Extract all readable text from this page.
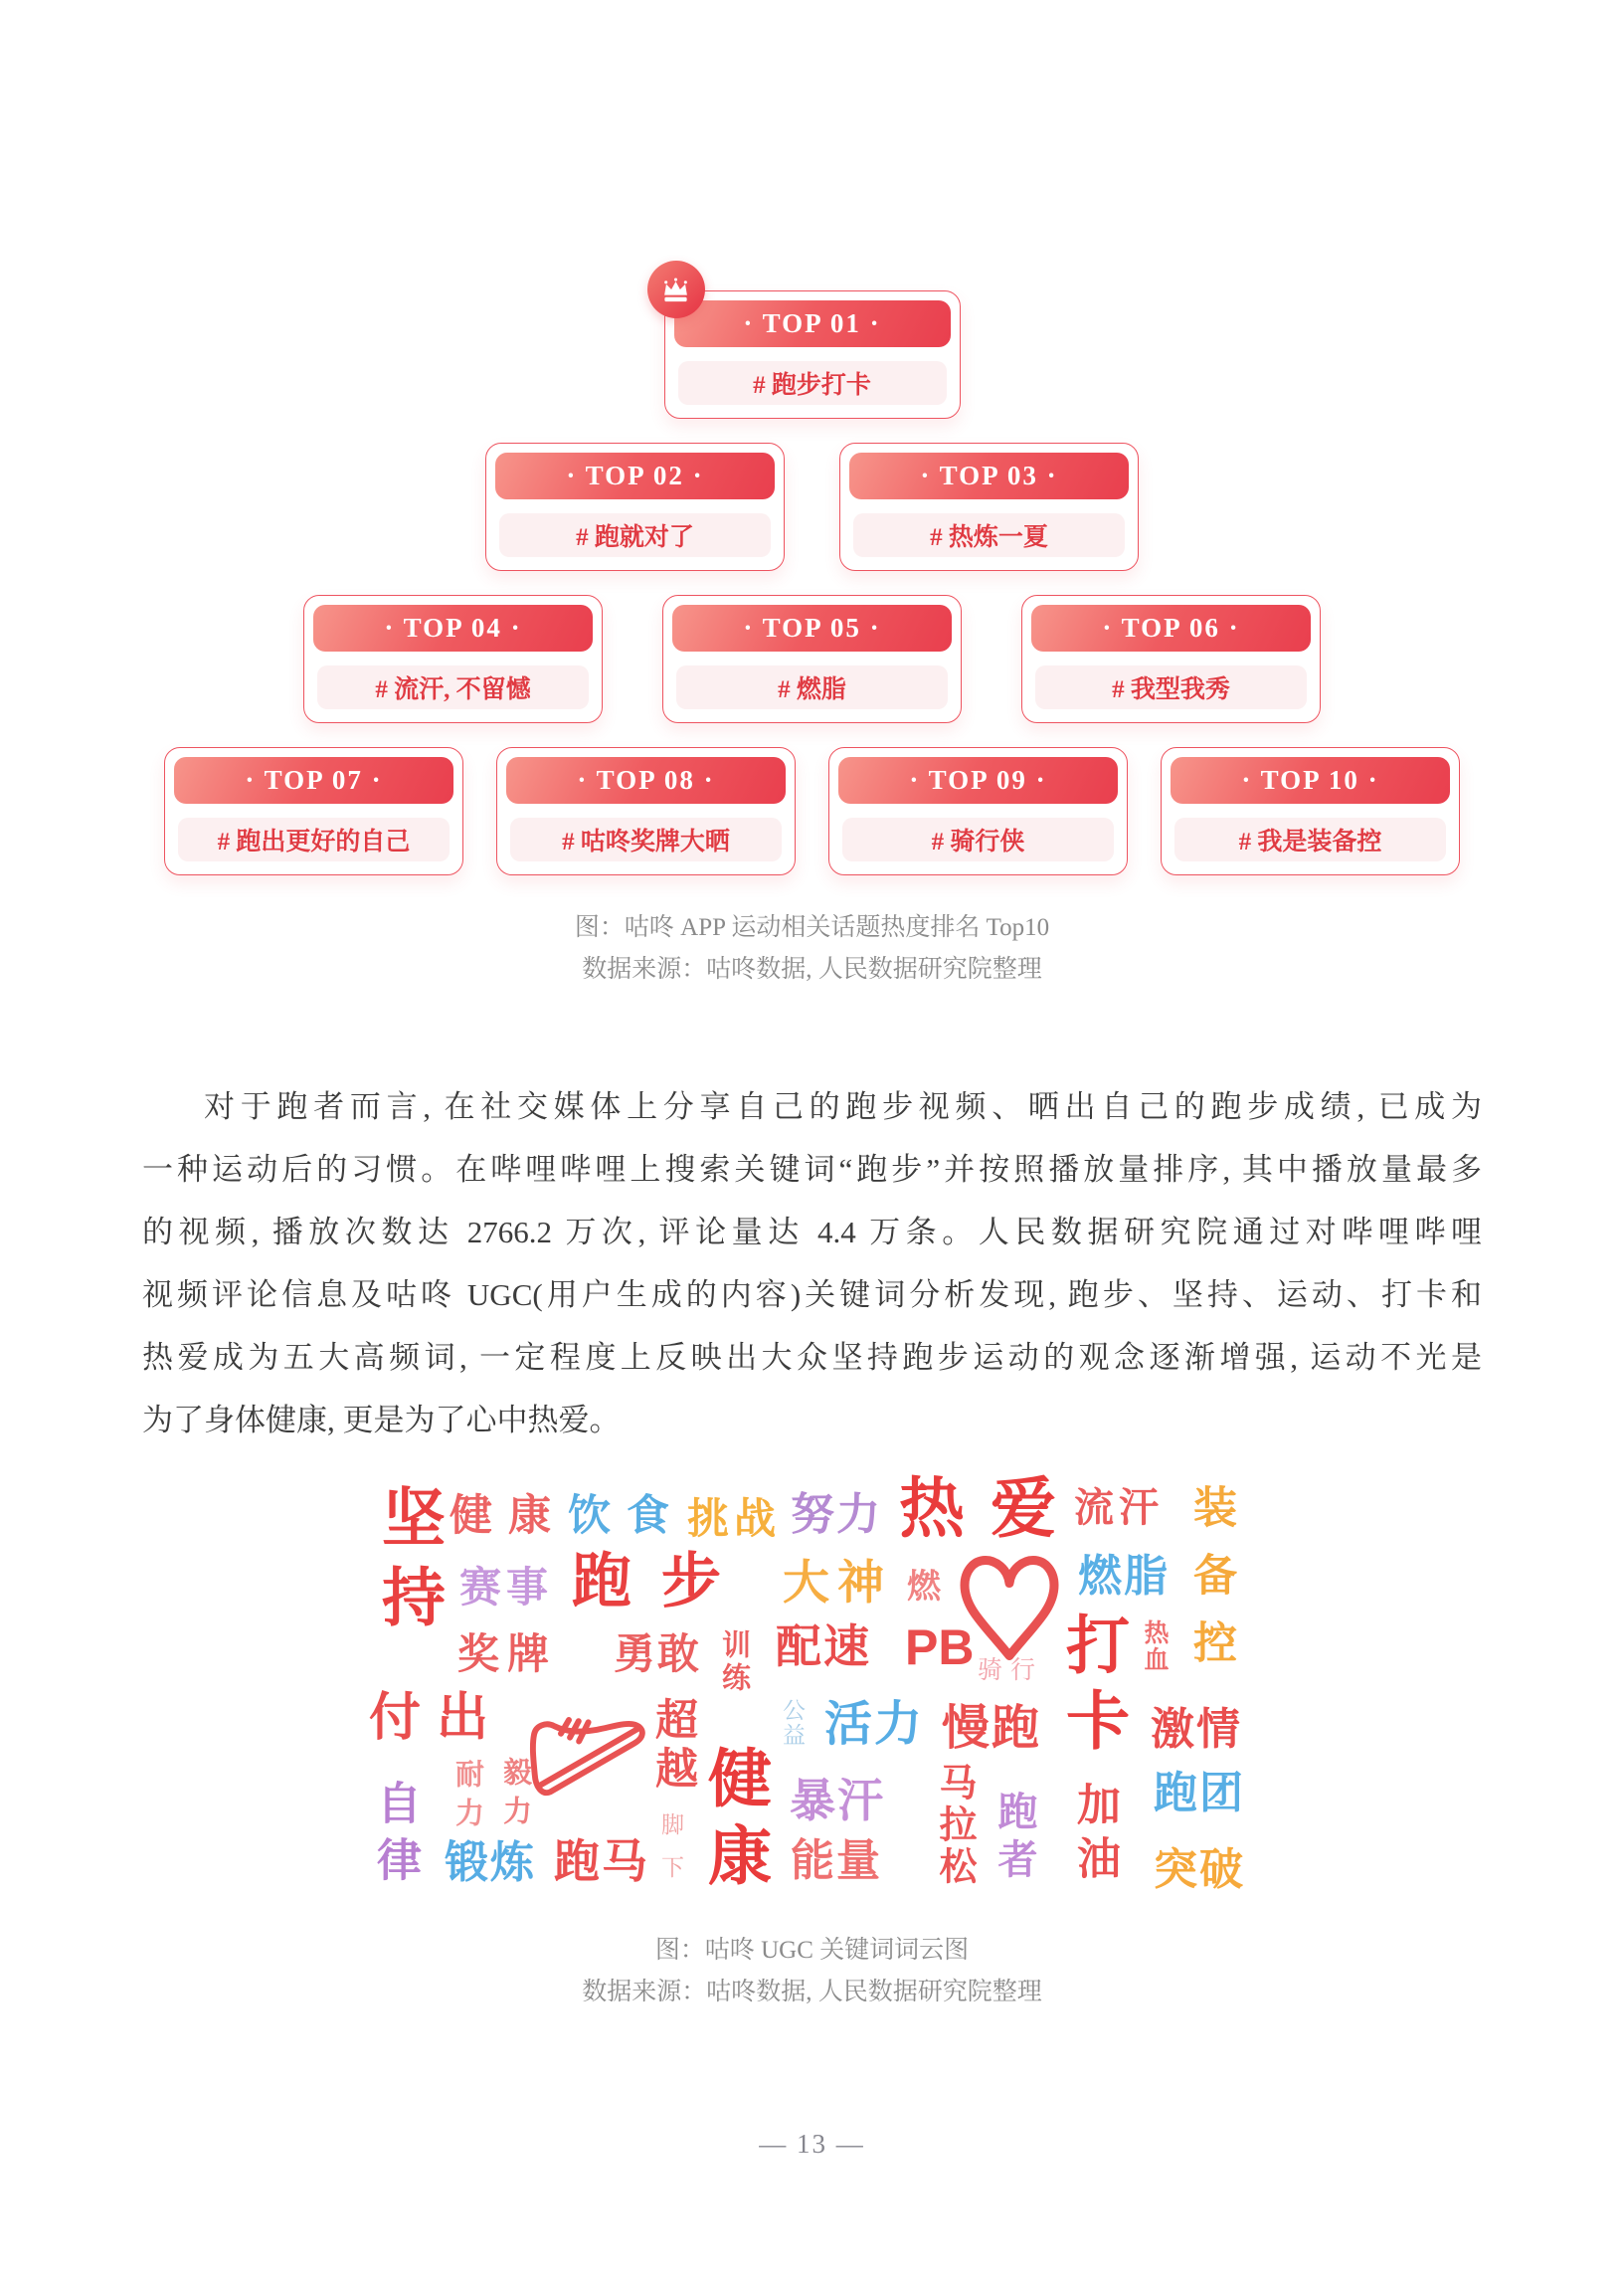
· TOP 01 ·
# 跑步打卡
· TOP 02 ·
# 跑就对了
· TOP 03 ·
# 热炼一夏
· TOP 04 ·
# 流汗, 不留憾
· TOP 05 ·
# 燃脂
· TOP 06 ·
# 我型我秀
· TOP 07 ·
# 跑出更好的自己
· TOP 08 ·
# 咕咚奖牌大晒
· TOP 09 ·
# 骑行侠
· TOP 10 ·
# 我是装备控
图：咕咚 APP 运动相关话题热度排名 Top10
数据来源：咕咚数据, 人民数据研究院整理
对于跑者而言, 在社交媒体上分享自己的跑步视频、晒出自己的跑步成绩, 已成为
一种运动后的习惯。在哔哩哔哩上搜索关键词“跑步”并按照播放量排序, 其中播放量最多
的视频, 播放次数达 2766.2 万次, 评论量达 4.4 万条。人民数据研究院通过对哔哩哔哩
视频评论信息及咕咚 UGC(用户生成的内容)关键词分析发现, 跑步、坚持、运动、打卡和
热爱成为五大高频词, 一定程度上反映出大众坚持跑步运动的观念逐渐增强, 运动不光是
为了身体健康, 更是为了心中热爱。
坚持 健康 饮食 挑战 努力 热爱
流汗 装备控
赛事 跑步 大神 燃	燃脂
奖牌 勇敢 训练 配速 PB 骑行 打卡 热血
付出	超越	公益 活力 慢跑 激情
耐力 毅力
自律	健康 暴汗 马拉松 跑者 加油 跑团
脚下
锻炼 跑马	能量	突破
图：咕咚 UGC 关键词词云图
数据来源：咕咚数据, 人民数据研究院整理
— 13 —
